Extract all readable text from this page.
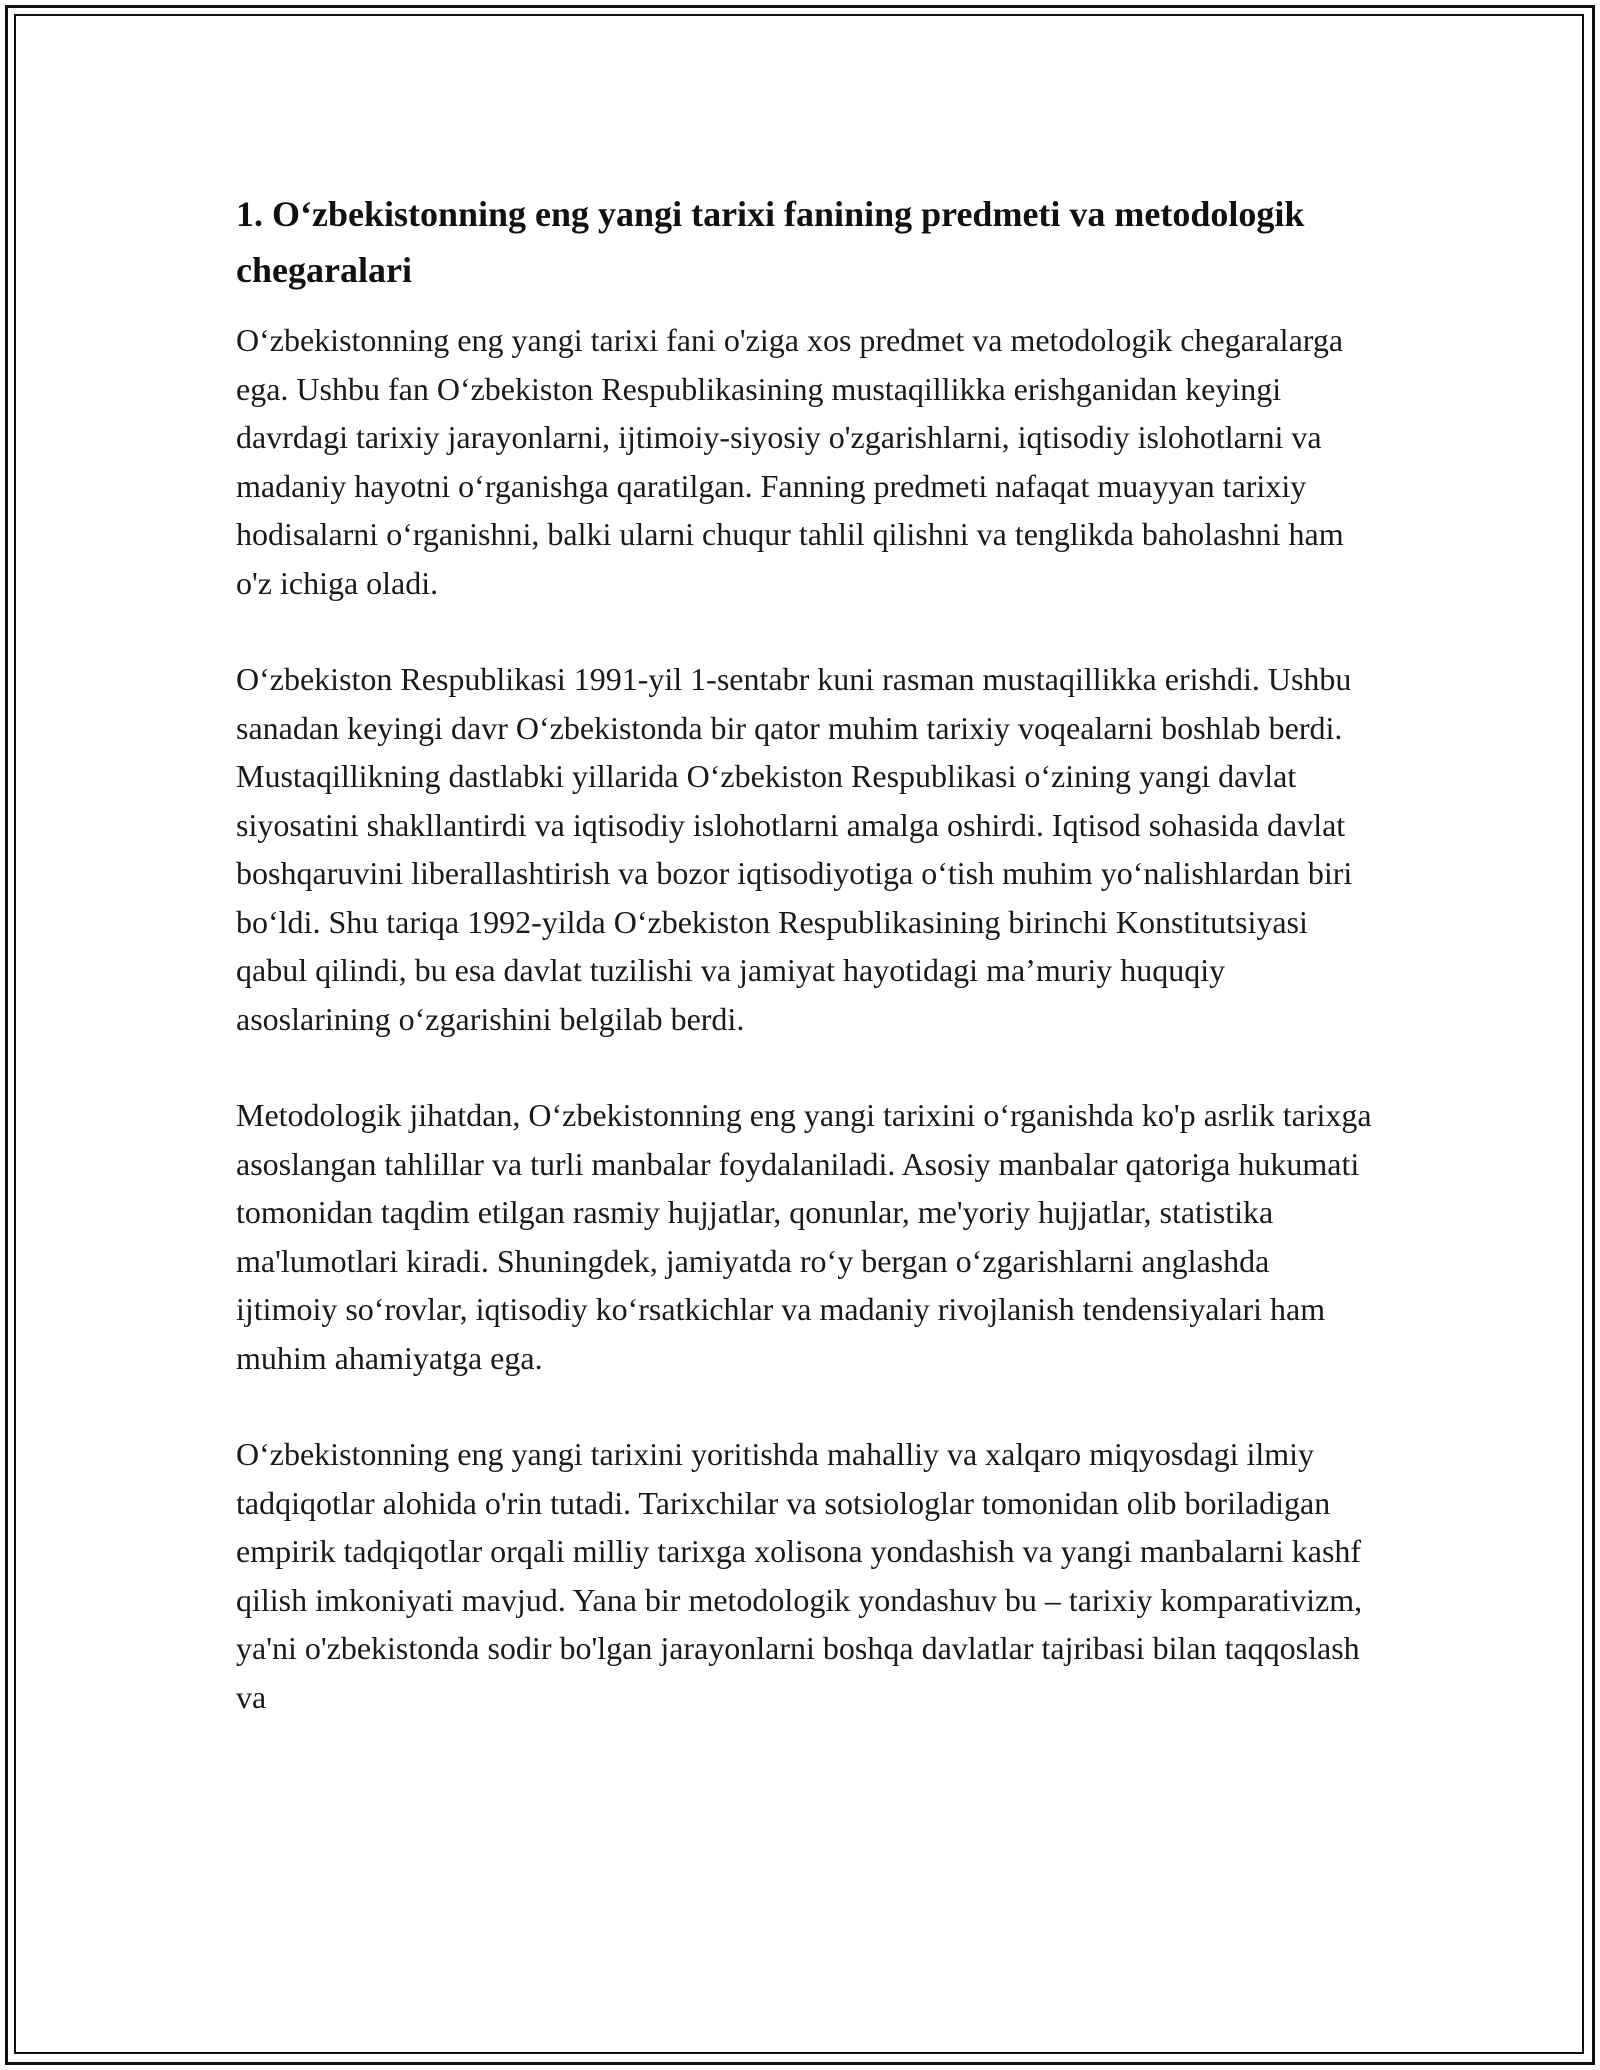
1. O‘zbekistonning eng yangi tarixi fanining predmeti va metodologik chegaralari

O‘zbekistonning eng yangi tarixi fani o'ziga xos predmet va metodologik chegaralarga ega. Ushbu fan O‘zbekiston Respublikasining mustaqillikka erishganidan keyingi davrdagi tarixiy jarayonlarni, ijtimoiy-siyosiy o'zgarishlarni, iqtisodiy islohotlarni va madaniy hayotni o‘rganishga qaratilgan. Fanning predmeti nafaqat muayyan tarixiy hodisalarni o‘rganishni, balki ularni chuqur tahlil qilishni va tenglikda baholashni ham o'z ichiga oladi.

O‘zbekiston Respublikasi 1991-yil 1-sentabr kuni rasman mustaqillikka erishdi. Ushbu sanadan keyingi davr O‘zbekistonda bir qator muhim tarixiy voqealarni boshlab berdi. Mustaqillikning dastlabki yillarida O‘zbekiston Respublikasi o‘zining yangi davlat siyosatini shakllantirdi va iqtisodiy islohotlarni amalga oshirdi. Iqtisod sohasida davlat boshqaruvini liberallashtirish va bozor iqtisodiyotiga o‘tish muhim yo‘nalishlardan biri bo‘ldi. Shu tariqa 1992-yilda O‘zbekiston Respublikasining birinchi Konstitutsiyasi qabul qilindi, bu esa davlat tuzilishi va jamiyat hayotidagi ma’muriy huquqiy asoslarining o‘zgarishini belgilab berdi.

Metodologik jihatdan, O‘zbekistonning eng yangi tarixini o‘rganishda ko'p asrlik tarixga asoslangan tahlillar va turli manbalar foydalaniladi. Asosiy manbalar qatoriga hukumati tomonidan taqdim etilgan rasmiy hujjatlar, qonunlar, me'yoriy hujjatlar, statistika ma'lumotlari kiradi. Shuningdek, jamiyatda ro‘y bergan o‘zgarishlarni anglashda ijtimoiy so‘rovlar, iqtisodiy ko‘rsatkichlar va madaniy rivojlanish tendensiyalari ham muhim ahamiyatga ega.

O‘zbekistonning eng yangi tarixini yoritishda mahalliy va xalqaro miqyosdagi ilmiy tadqiqotlar alohida o'rin tutadi. Tarixchilar va sotsiologlar tomonidan olib boriladigan empirik tadqiqotlar orqali milliy tarixga xolisona yondashish va yangi manbalarni kashf qilish imkoniyati mavjud. Yana bir metodologik yondashuv bu – tarixiy komparativizm, ya'ni o'zbekistonda sodir bo'lgan jarayonlarni boshqa davlatlar tajribasi bilan taqqoslash va
